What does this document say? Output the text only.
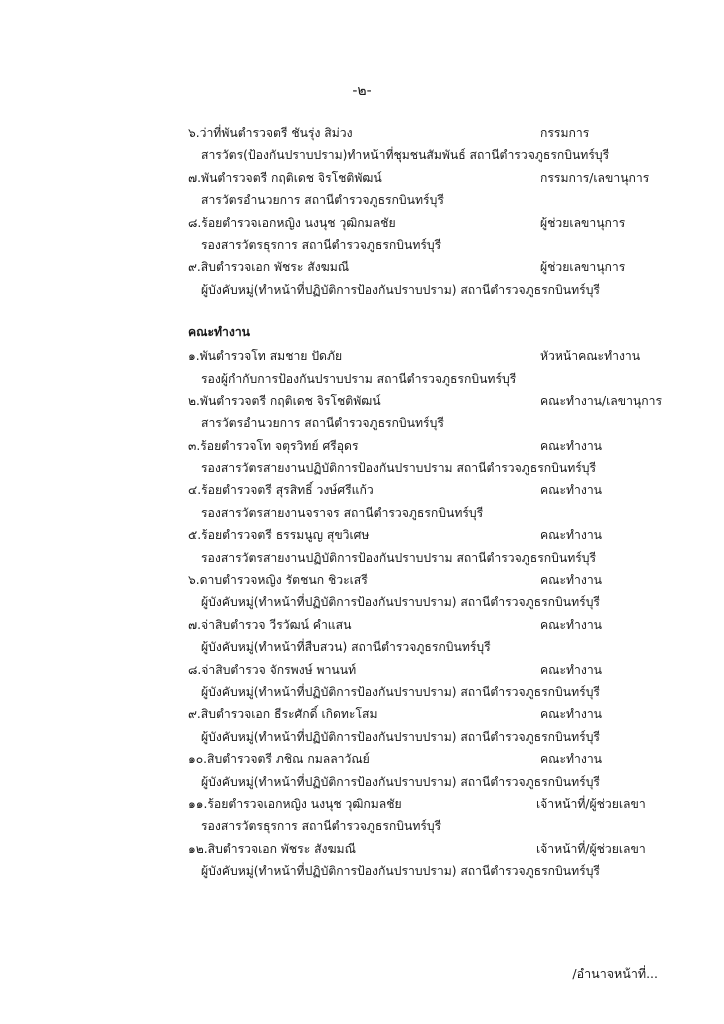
-๒-
๖.ว่าที่พันตำรวจตรี ชันรุ่ง สิม่วง	กรรมการ
สารวัตร(ป้องกันปราบปราม)ทำหน้าที่ชุมชนสัมพันธ์ สถานีตำรวจภูธรกบินทร์บุรี
๗.พันตำรวจตรี กฤติเดช จิรโชติพัฒน์	กรรมการ/เลขานุการ
สารวัตรอำนวยการ สถานีตำรวจภูธรกบินทร์บุรี
๘.ร้อยตำรวจเอกหญิง นงนุช วุฒิกมลชัย	ผู้ช่วยเลขานุการ
รองสารวัตรธุรการ สถานีตำรวจภูธรกบินทร์บุรี
๙.สิบตำรวจเอก พัชระ สังฆมณี	ผู้ช่วยเลขานุการ
ผู้บังคับหมู่(ทำหน้าที่ปฏิบัติการป้องกันปราบปราม) สถานีตำรวจภูธรกบินทร์บุรี
คณะทำงาน
๑.พันตำรวจโท สมชาย ปัดภัย	หัวหน้าคณะทำงาน
รองผู้กำกับการป้องกันปราบปราม สถานีตำรวจภูธรกบินทร์บุรี
๒.พันตำรวจตรี กฤติเดช จิรโชติพัฒน์	คณะทำงาน/เลขานุการ
สารวัตรอำนวยการ สถานีตำรวจภูธรกบินทร์บุรี
๓.ร้อยตำรวจโท จตุรวิทย์ ศรีอุดร	คณะทำงาน
รองสารวัตรสายงานปฏิบัติการป้องกันปราบปราม สถานีตำรวจภูธรกบินทร์บุรี
๔.ร้อยตำรวจตรี สุรสิทธิ์ วงษ์ศรีแก้ว	คณะทำงาน
รองสารวัตรสายงานจราจร สถานีตำรวจภูธรกบินทร์บุรี
๕.ร้อยตำรวจตรี ธรรมนูญ สุขวิเศษ	คณะทำงาน
รองสารวัตรสายงานปฏิบัติการป้องกันปราบปราม สถานีตำรวจภูธรกบินทร์บุรี
๖.ดาบตำรวจหญิง รัตชนก ชิวะเสรี	คณะทำงาน
ผู้บังคับหมู่(ทำหน้าที่ปฏิบัติการป้องกันปราบปราม) สถานีตำรวจภูธรกบินทร์บุรี
๗.จ่าสิบตำรวจ วีรวัฒน์ คำแสน	คณะทำงาน
ผู้บังคับหมู่(ทำหน้าที่สืบสวน) สถานีตำรวจภูธรกบินทร์บุรี
๘.จ่าสิบตำรวจ จักรพงษ์ พานนท์	คณะทำงาน
ผู้บังคับหมู่(ทำหน้าที่ปฏิบัติการป้องกันปราบปราม) สถานีตำรวจภูธรกบินทร์บุรี
๙.สิบตำรวจเอก ธีระศักดิ์ เกิดทะโสม	คณะทำงาน
ผู้บังคับหมู่(ทำหน้าที่ปฏิบัติการป้องกันปราบปราม) สถานีตำรวจภูธรกบินทร์บุรี
๑๐.สิบตำรวจตรี ภชิณ กมลลาวัณย์	คณะทำงาน
ผู้บังคับหมู่(ทำหน้าที่ปฏิบัติการป้องกันปราบปราม) สถานีตำรวจภูธรกบินทร์บุรี
๑๑.ร้อยตำรวจเอกหญิง นงนุช วุฒิกมลชัย	เจ้าหน้าที่/ผู้ช่วยเลขา
รองสารวัตรธุรการ สถานีตำรวจภูธรกบินทร์บุรี
๑๒.สิบตำรวจเอก พัชระ สังฆมณี	เจ้าหน้าที่/ผู้ช่วยเลขา
ผู้บังคับหมู่(ทำหน้าที่ปฏิบัติการป้องกันปราบปราม) สถานีตำรวจภูธรกบินทร์บุรี
/อำนาจหน้าที่...
